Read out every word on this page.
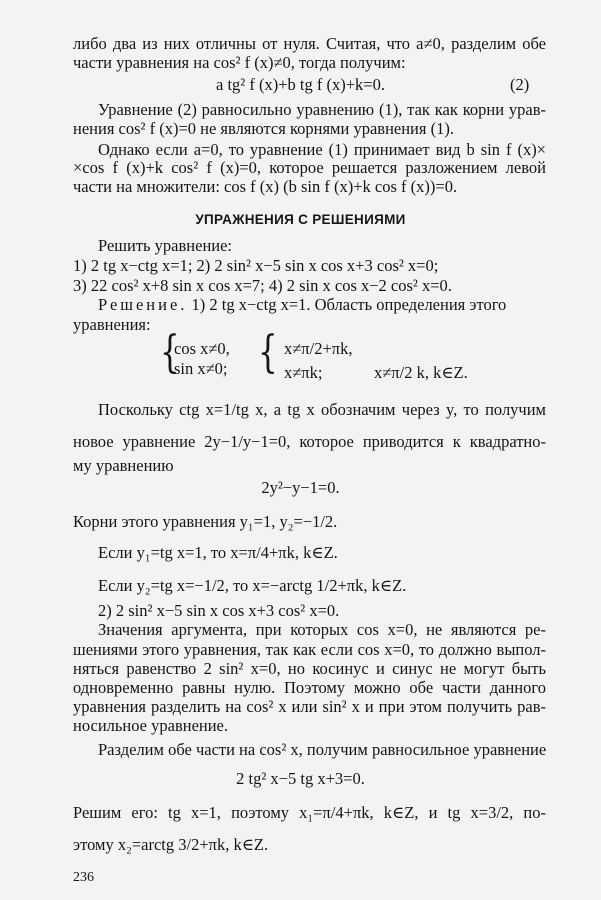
либо два из них отличны от нуля. Считая, что a≠0, разделим обе
части уравнения на cos² f (x)≠0, тогда получим:
a tg² f (x)+b tg f (x)+k=0.	(2)
Уравнение (2) равносильно уравнению (1), так как корни урав-
нения cos² f (x)=0 не являются корнями уравнения (1).
Однако если a=0, то уравнение (1) принимает вид b sin f (x)×
×cos f (x)+k cos² f (x)=0, которое решается разложением левой
части на множители: cos f (x) (b sin f (x)+k cos f (x))=0.
УПРАЖНЕНИЯ С РЕШЕНИЯМИ
Решить уравнение:
1) 2 tg x−ctg x=1; 2) 2 sin² x−5 sin x cos x+3 cos² x=0;
3) 22 cos² x+8 sin x cos x=7; 4) 2 sin x cos x−2 cos² x=0.
Решение. 1) 2 tg x−ctg x=1. Область определения этого
уравнения:
{
cos x≠0,
sin x≠0; { x≠π/2+πk,
x≠πk;	x≠π/2 k, k∈Z.
Поскольку ctg x=1/tg x, а tg x обозначим через y, то получим
новое уравнение 2y−1/y−1=0, которое приводится к квадратно-
му уравнению
2y²−y−1=0.
Корни этого уравнения y₁=1, y₂=−1/2.
Если y₁=tg x=1, то x=π/4+πk, k∈Z.
Если y₂=tg x=−1/2, то x=−arctg 1/2+πk, k∈Z.
2) 2 sin² x−5 sin x cos x+3 cos² x=0.
Значения аргумента, при которых cos x=0, не являются ре-
шениями этого уравнения, так как если cos x=0, то должно выпол-
няться равенство 2 sin² x=0, но косинус и синус не могут быть
одновременно равны нулю. Поэтому можно обе части данного
уравнения разделить на cos² x или sin² x и при этом получить рав-
носильное уравнение.
Разделим обе части на cos² x, получим равносильное уравнение
2 tg² x−5 tg x+3=0.
Решим его: tg x=1, поэтому x₁=π/4+πk, k∈Z, и tg x=3/2, по-
этому x₂=arctg 3/2+πk, k∈Z.
236
